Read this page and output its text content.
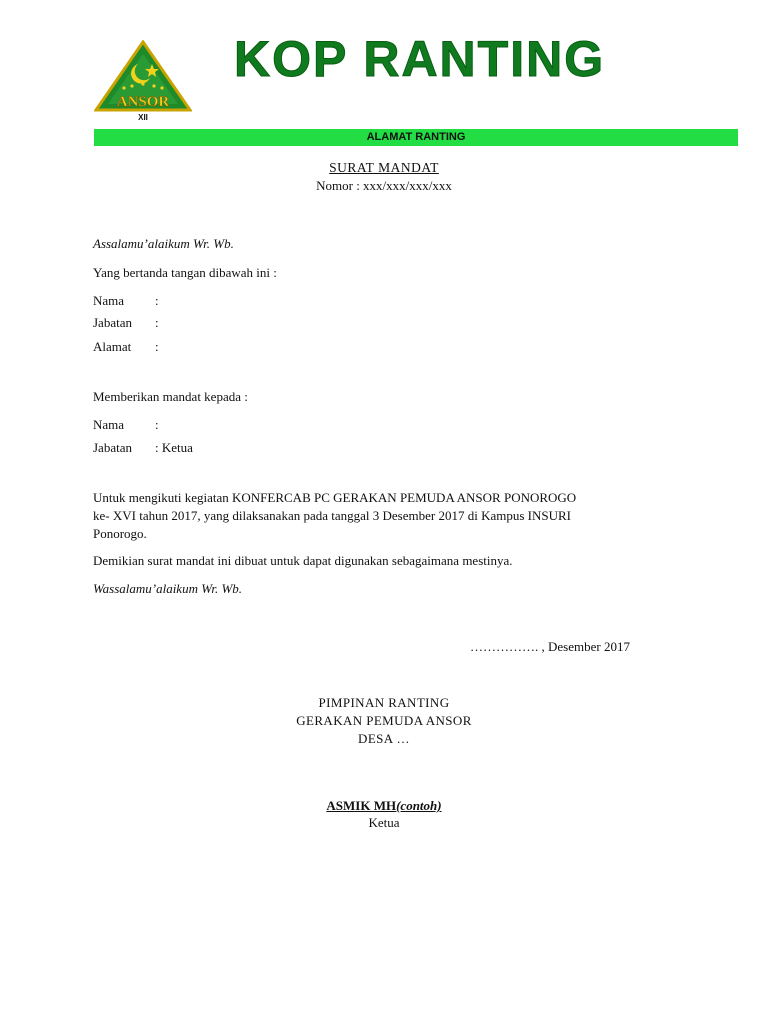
ANSOR
XII
KOP RANTING
ALAMAT RANTING
SURAT MANDAT
Nomor : xxx/xxx/xxx/xxx
Assalamu’alaikum Wr. Wb.
Yang bertanda tangan dibawah ini :
Nama :
Jabatan :
Alamat :
Memberikan mandat kepada :
Nama :
Jabatan : Ketua
Untuk mengikuti kegiatan KONFERCAB PC GERAKAN PEMUDA ANSOR PONOROGO
ke- XVI tahun 2017, yang dilaksanakan pada tanggal 3 Desember 2017 di Kampus INSURI
Ponorogo.
Demikian surat mandat ini dibuat untuk dapat digunakan sebagaimana mestinya.
Wassalamu’alaikum Wr. Wb.
……………. , Desember 2017
PIMPINAN RANTING
GERAKAN PEMUDA ANSOR
DESA …
ASMIK MH(contoh)
Ketua
